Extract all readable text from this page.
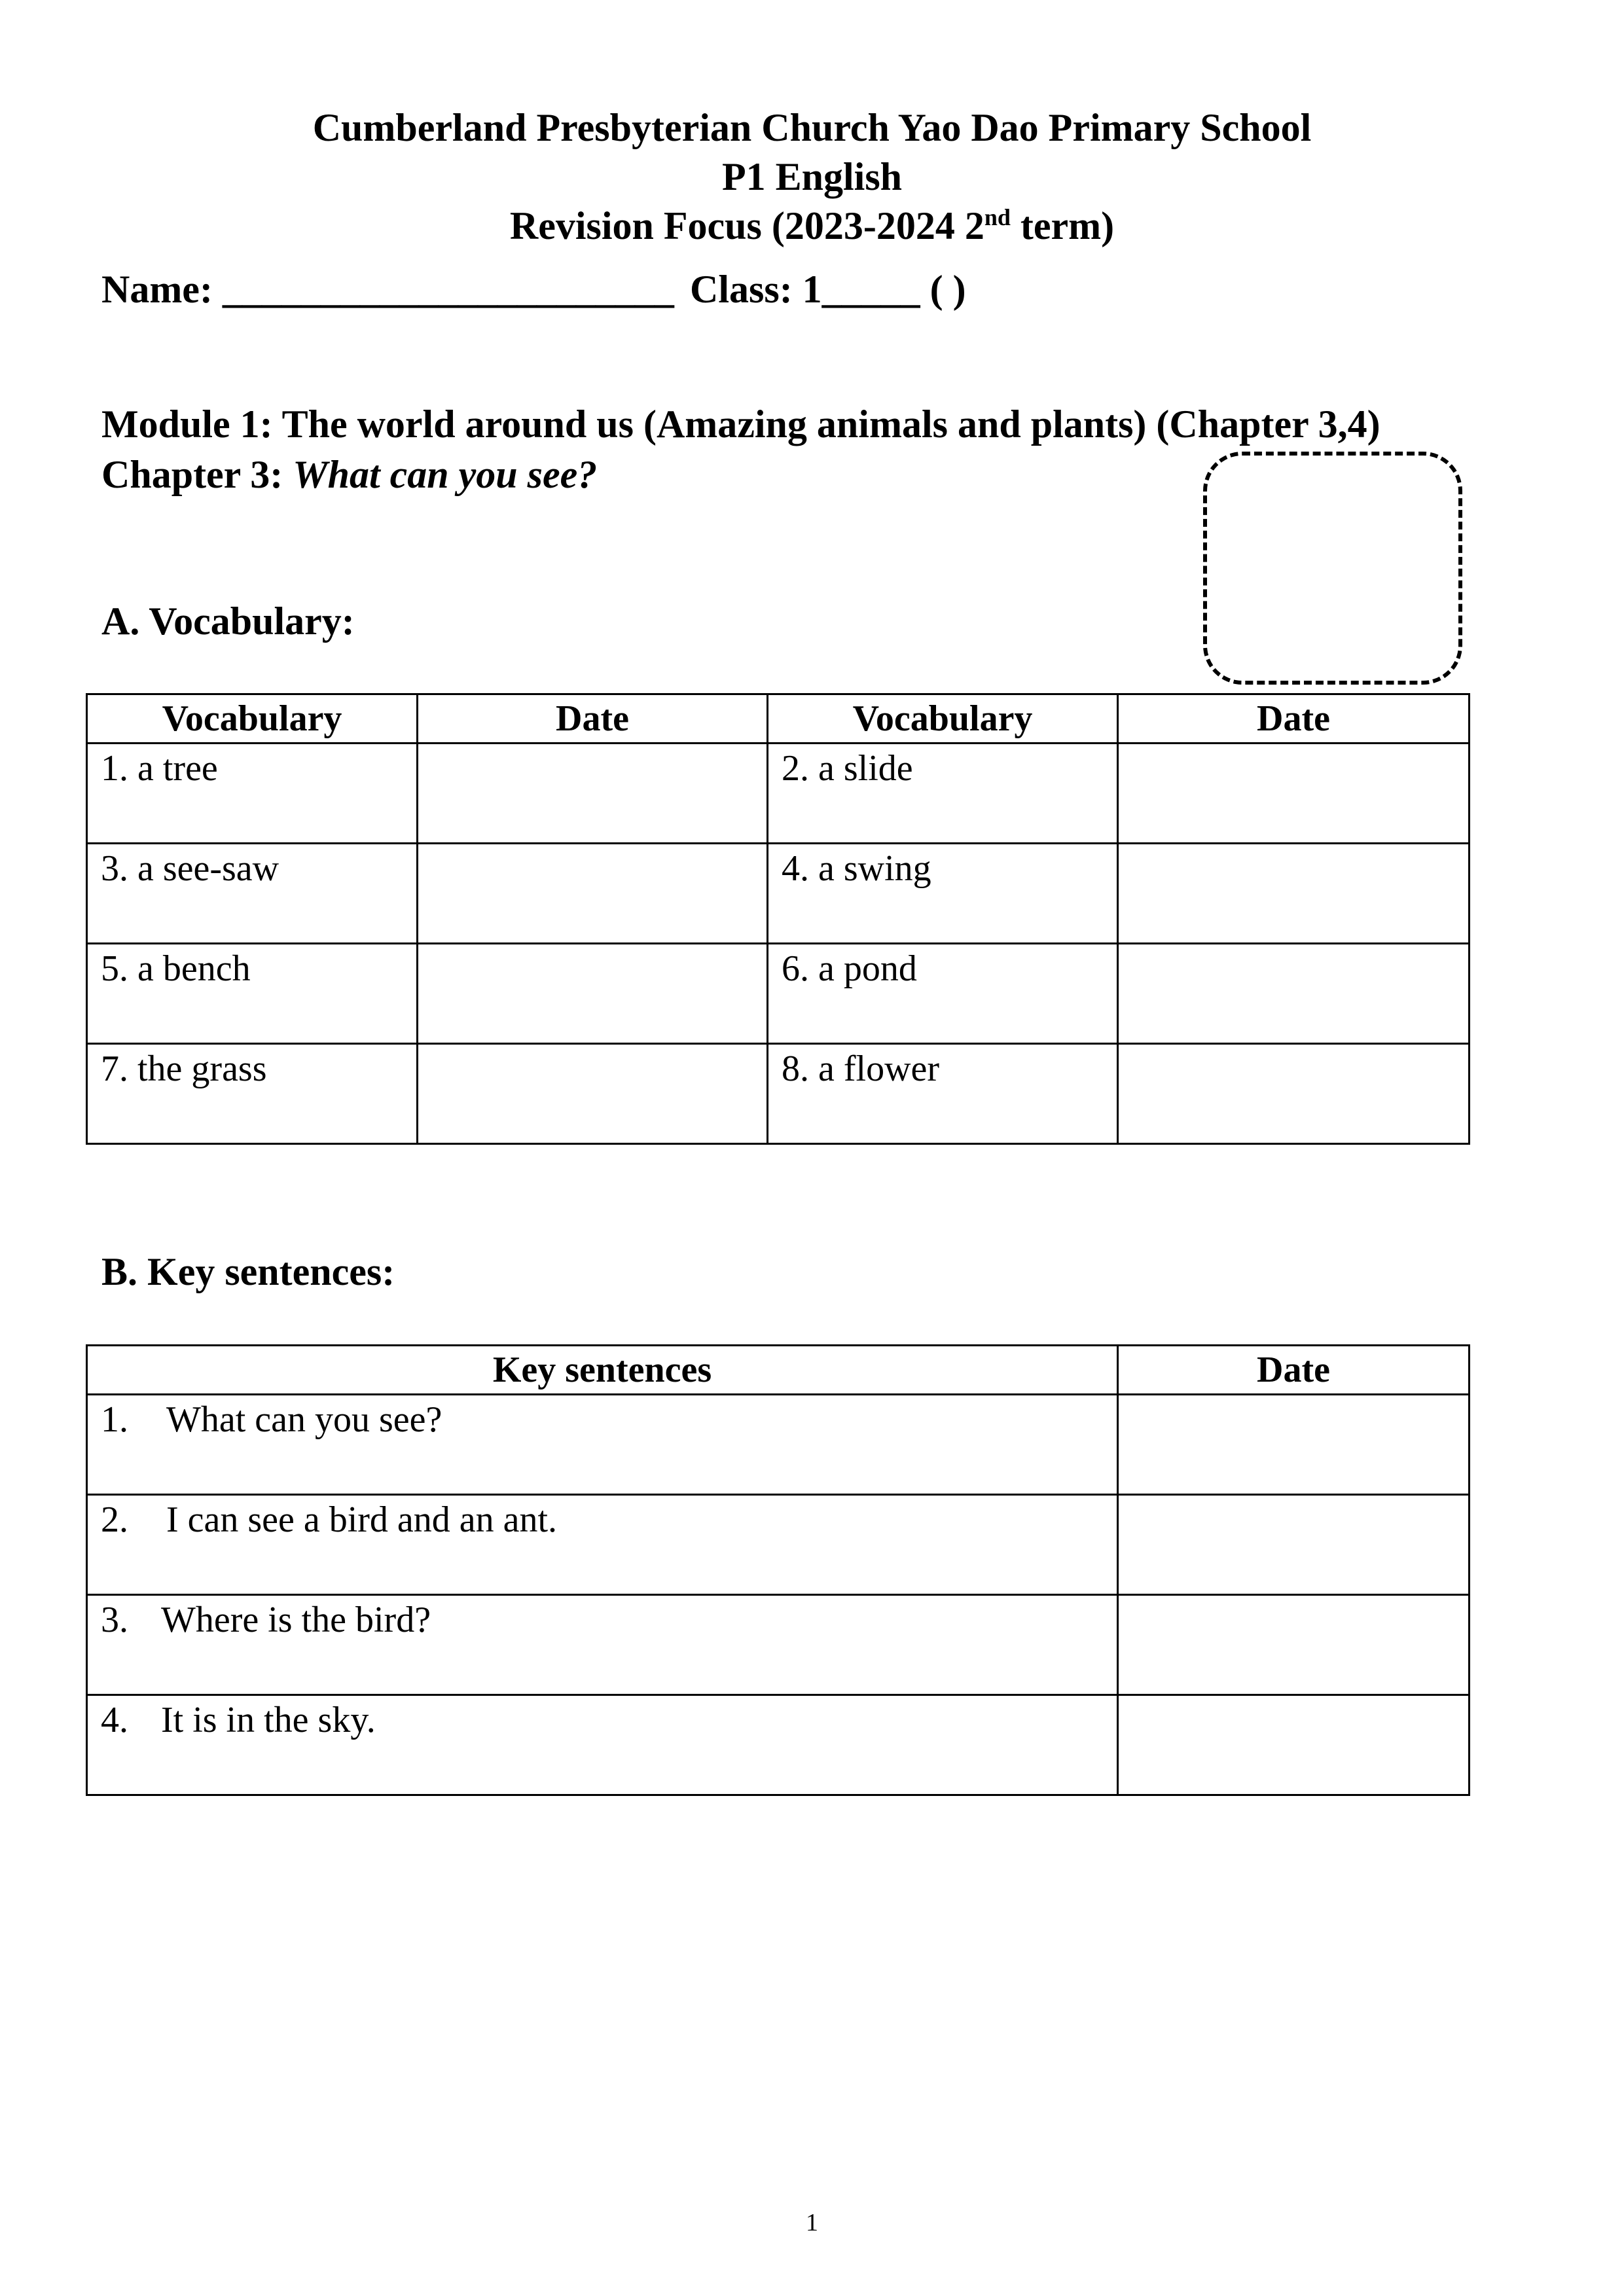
Cumberland Presbyterian Church Yao Dao Primary School
P1 English
Revision Focus (2023-2024 2nd term)
Name: _______________________ Class: 1_____ ( )
Module 1: The world around us (Amazing animals and plants) (Chapter 3,4)
Chapter 3: What can you see?
A. Vocabulary:
Vocabulary	Date	Vocabulary	Date

1. a tree		2. a slide	

3. a see-saw		4. a swing	

5. a bench		6. a pond	

7. the grass		8. a flower	

B. Key sentences:
Key sentences	Date

1. What can you see?	

2. I can see a bird and an ant.	

3. Where is the bird?	

4. It is in the sky.	

1
